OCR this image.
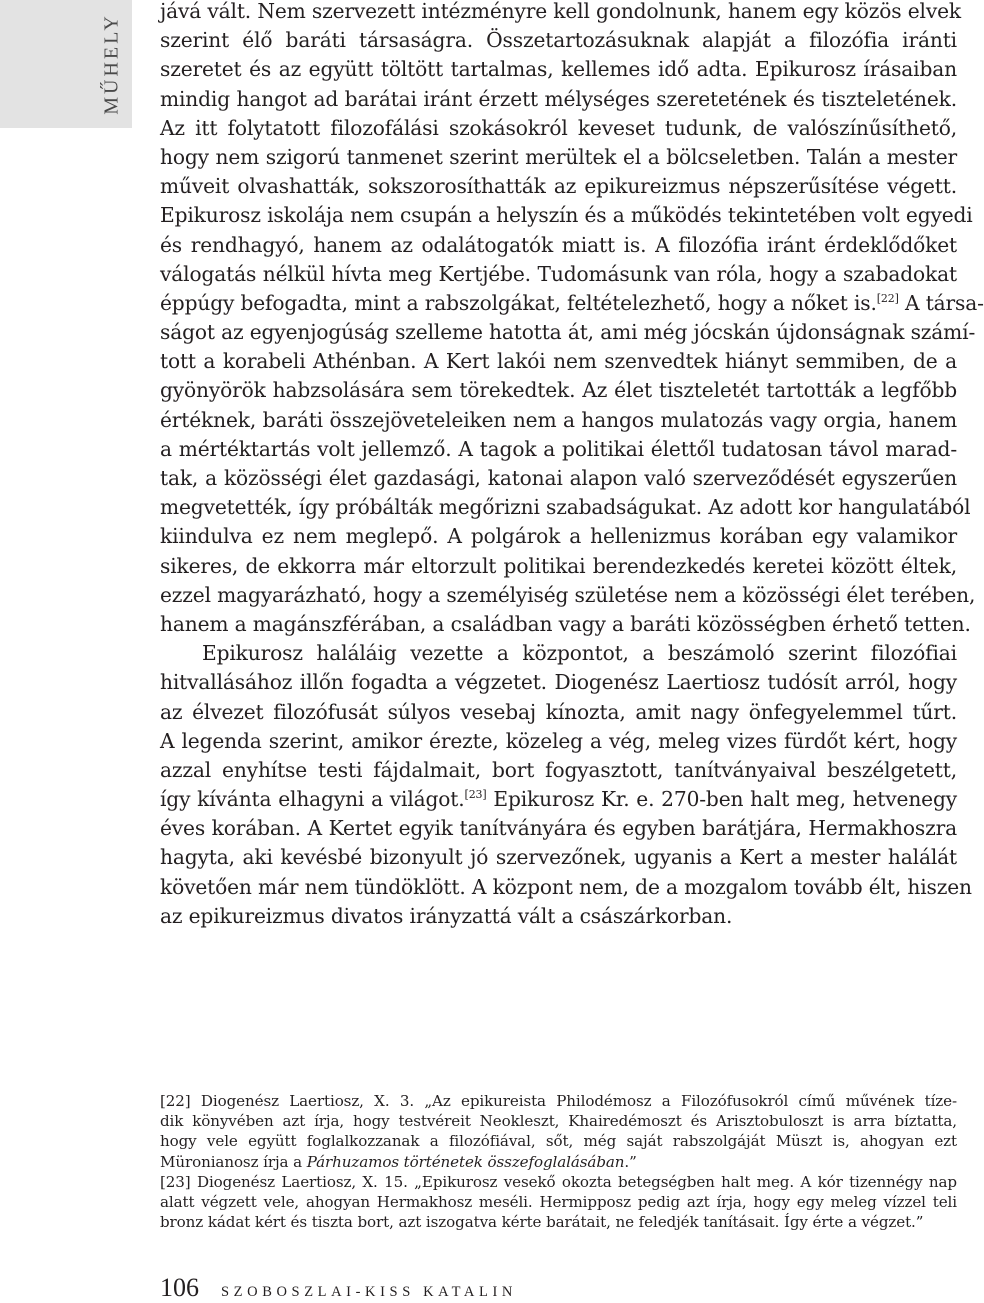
MŰHELY
jává vált. Nem szervezett intézményre kell gondolnunk, hanem egy közös elvek
szerint élő baráti társaságra. Összetartozásuknak alapját a filozófia iránti
szeretet és az együtt töltött tartalmas, kellemes idő adta. Epikurosz írásaiban
mindig hangot ad barátai iránt érzett mélységes szeretetének és tiszteletének.
Az itt folytatott filozofálási szokásokról keveset tudunk, de valószínűsíthető,
hogy nem szigorú tanmenet szerint merültek el a bölcseletben. Talán a mester
műveit olvashatták, sokszorosíthatták az epikureizmus népszerűsítése végett.
Epikurosz iskolája nem csupán a helyszín és a működés tekintetében volt egyedi
és rendhagyó, hanem az odalátogatók miatt is. A filozófia iránt érdeklődőket
válogatás nélkül hívta meg Kertjébe. Tudomásunk van róla, hogy a szabadokat
éppúgy befogadta, mint a rabszolgákat, feltételezhető, hogy a nőket is.[22] A társa-
ságot az egyenjogúság szelleme hatotta át, ami még jócskán újdonságnak számí-
tott a korabeli Athénban. A Kert lakói nem szenvedtek hiányt semmiben, de a
gyönyörök habzsolására sem törekedtek. Az élet tiszteletét tartották a legfőbb
értéknek, baráti összejöveteleiken nem a hangos mulatozás vagy orgia, hanem
a mértéktartás volt jellemző. A tagok a politikai élettől tudatosan távol marad-
tak, a közösségi élet gazdasági, katonai alapon való szerveződését egyszerűen
megvetették, így próbálták megőrizni szabadságukat. Az adott kor hangulatából
kiindulva ez nem meglepő. A polgárok a hellenizmus korában egy valamikor
sikeres, de ekkorra már eltorzult politikai berendezkedés keretei között éltek,
ezzel magyarázható, hogy a személyiség születése nem a közösségi élet terében,
hanem a magánszférában, a családban vagy a baráti közösségben érhető tetten.
Epikurosz haláláig vezette a központot, a beszámoló szerint filozófiai
hitvallásához illőn fogadta a végzetet. Diogenész Laertiosz tudósít arról, hogy
az élvezet filozófusát súlyos vesebaj kínozta, amit nagy önfegyelemmel tűrt.
A legenda szerint, amikor érezte, közeleg a vég, meleg vizes fürdőt kért, hogy
azzal enyhítse testi fájdalmait, bort fogyasztott, tanítványaival beszélgetett,
így kívánta elhagyni a világot.[23] Epikurosz Kr. e. 270-ben halt meg, hetvenegy
éves korában. A Kertet egyik tanítványára és egyben barátjára, Hermakhoszra
hagyta, aki kevésbé bizonyult jó szervezőnek, ugyanis a Kert a mester halálát
követően már nem tündöklött. A központ nem, de a mozgalom tovább élt, hiszen
az epikureizmus divatos irányzattá vált a császárkorban.
[22] Diogenész Laertiosz, X. 3. „Az epikureista Philodémosz a Filozófusokról című művének tíze-
dik könyvében azt írja, hogy testvéreit Neokleszt, Khairedémoszt és Arisztobuloszt is arra bíztatta,
hogy vele együtt foglalkozzanak a filozófiával, sőt, még saját rabszolgáját Müszt is, ahogyan ezt
Müronianosz írja a Párhuzamos történetek összefoglalásában.”
[23] Diogenész Laertiosz, X. 15. „Epikurosz vesekő okozta betegségben halt meg. A kór tizennégy nap
alatt végzett vele, ahogyan Hermakhosz meséli. Hermipposz pedig azt írja, hogy egy meleg vízzel teli
bronz kádat kért és tiszta bort, azt iszogatva kérte barátait, ne feledjék tanításait. Így érte a végzet.”
106 SZOBOSZLAI-KISS KATALIN
